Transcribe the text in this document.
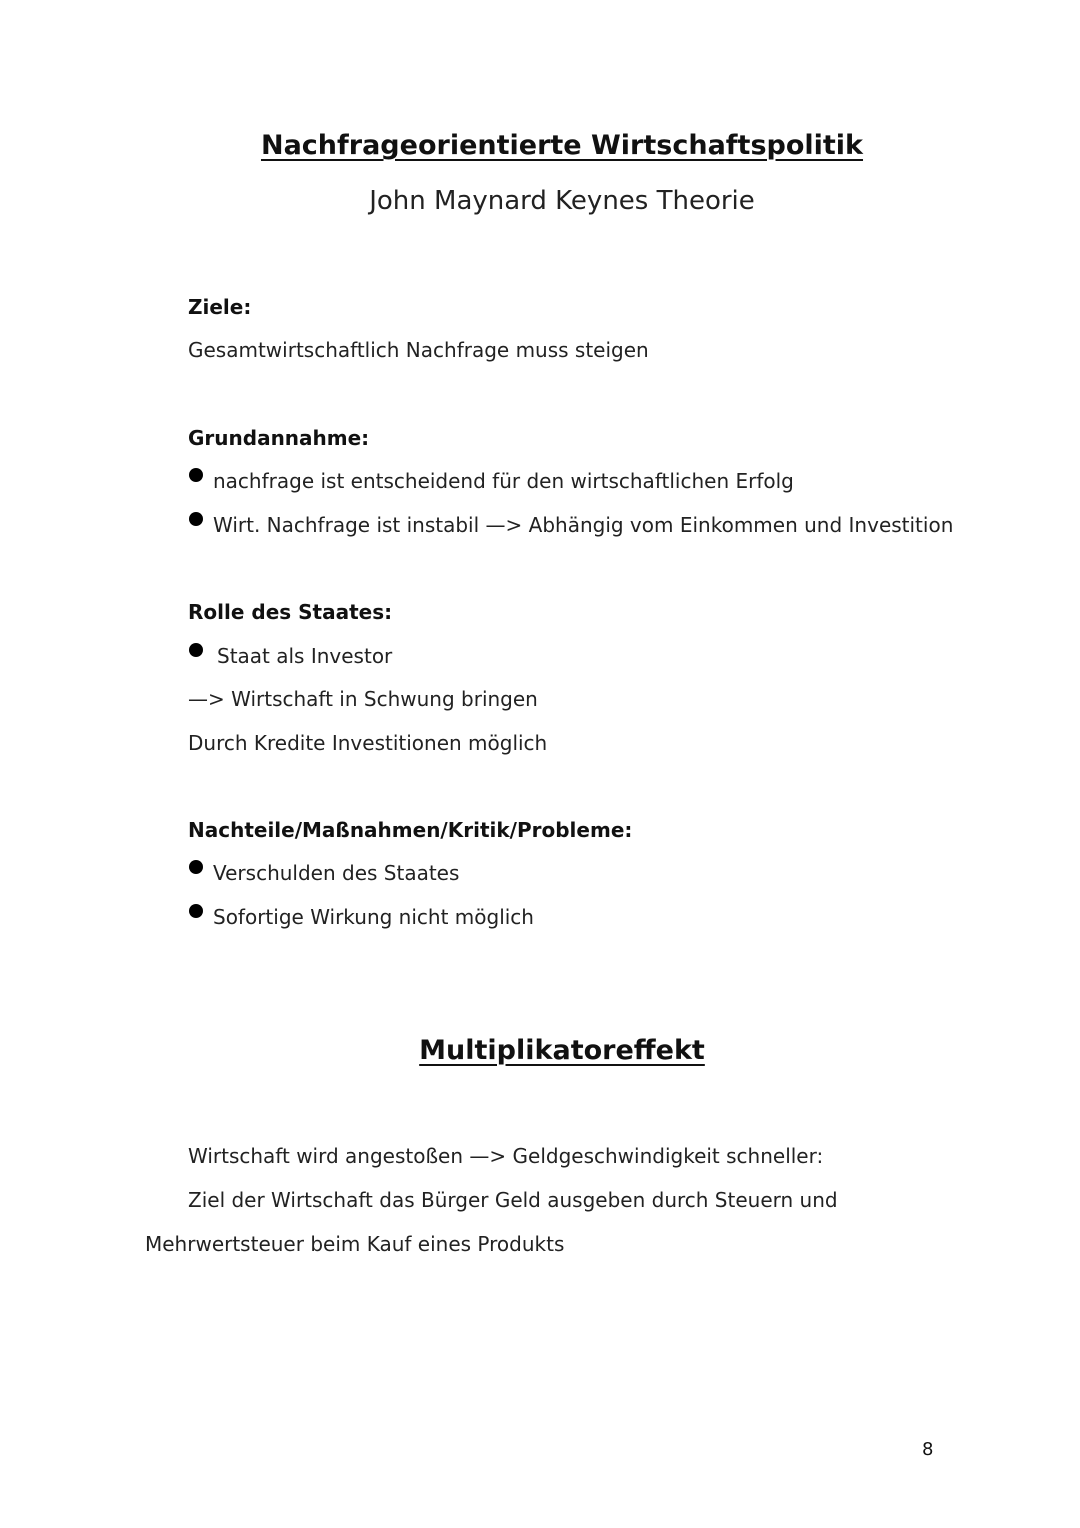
Nachfrageorientierte Wirtschaftspolitik
John Maynard Keynes Theorie
Ziele:
Gesamtwirtschaftlich Nachfrage muss steigen
Grundannahme:
nachfrage ist entscheidend für den wirtschaftlichen Erfolg
Wirt. Nachfrage ist instabil —> Abhängig vom Einkommen und Investition
Rolle des Staates:
Staat als Investor
—> Wirtschaft in Schwung bringen
Durch Kredite Investitionen möglich
Nachteile/Maßnahmen/Kritik/Probleme:
Verschulden des Staates
Sofortige Wirkung nicht möglich
Multiplikatoreffekt
Wirtschaft wird angestoßen —> Geldgeschwindigkeit schneller:
Ziel der Wirtschaft das Bürger Geld ausgeben durch Steuern und
Mehrwertsteuer beim Kauf eines Produkts
8
